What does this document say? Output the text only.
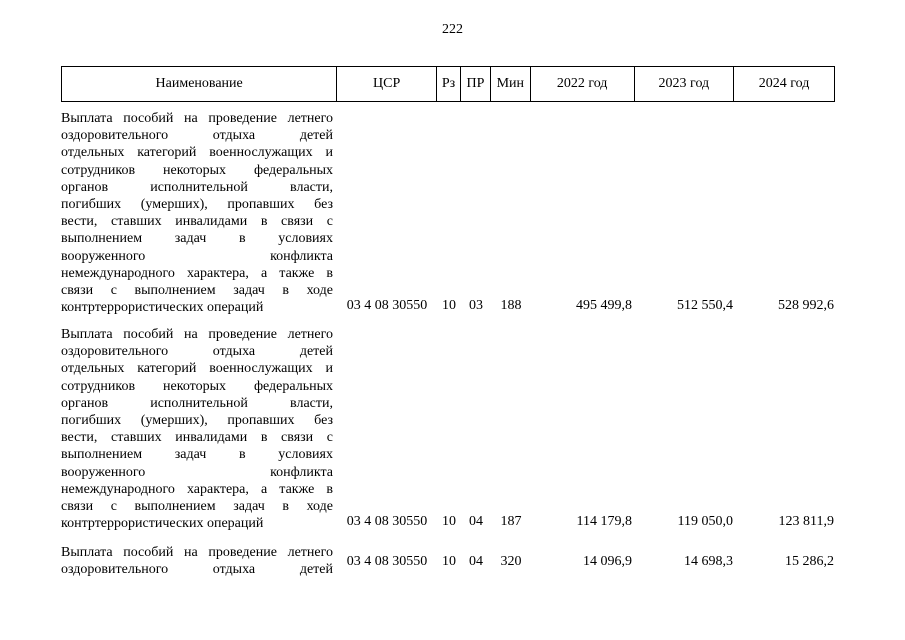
222
Наименование	ЦСР	Рз ПР Мин	2022 год	2023 год	2024 год
Выплата пособий на проведение летнего
оздоровительного отдыха детей
отдельных категорий военнослужащих и
сотрудников некоторых федеральных
органов исполнительной власти,
погибших (умерших), пропавших без
вести, ставших инвалидами в связи с
выполнением задач в условиях
вооруженного конфликта
немеждународного характера, а также в
связи с выполнением задач в ходе
контртеррористических операций	03 4 08 30550	10 03	188	495 499,8	512 550,4	528 992,6
Выплата пособий на проведение летнего
оздоровительного отдыха детей
отдельных категорий военнослужащих и
сотрудников некоторых федеральных
органов исполнительной власти,
погибших (умерших), пропавших без
вести, ставших инвалидами в связи с
выполнением задач в условиях
вооруженного конфликта
немеждународного характера, а также в
связи с выполнением задач в ходе
контртеррористических операций	03 4 08 30550	10 04	187	114 179,8	119 050,0	123 811,9
Выплата пособий на проведение летнего
оздоровительного отдыха детей
03 4 08 30550	10 04	320	14 096,9	14 698,3	15 286,2
